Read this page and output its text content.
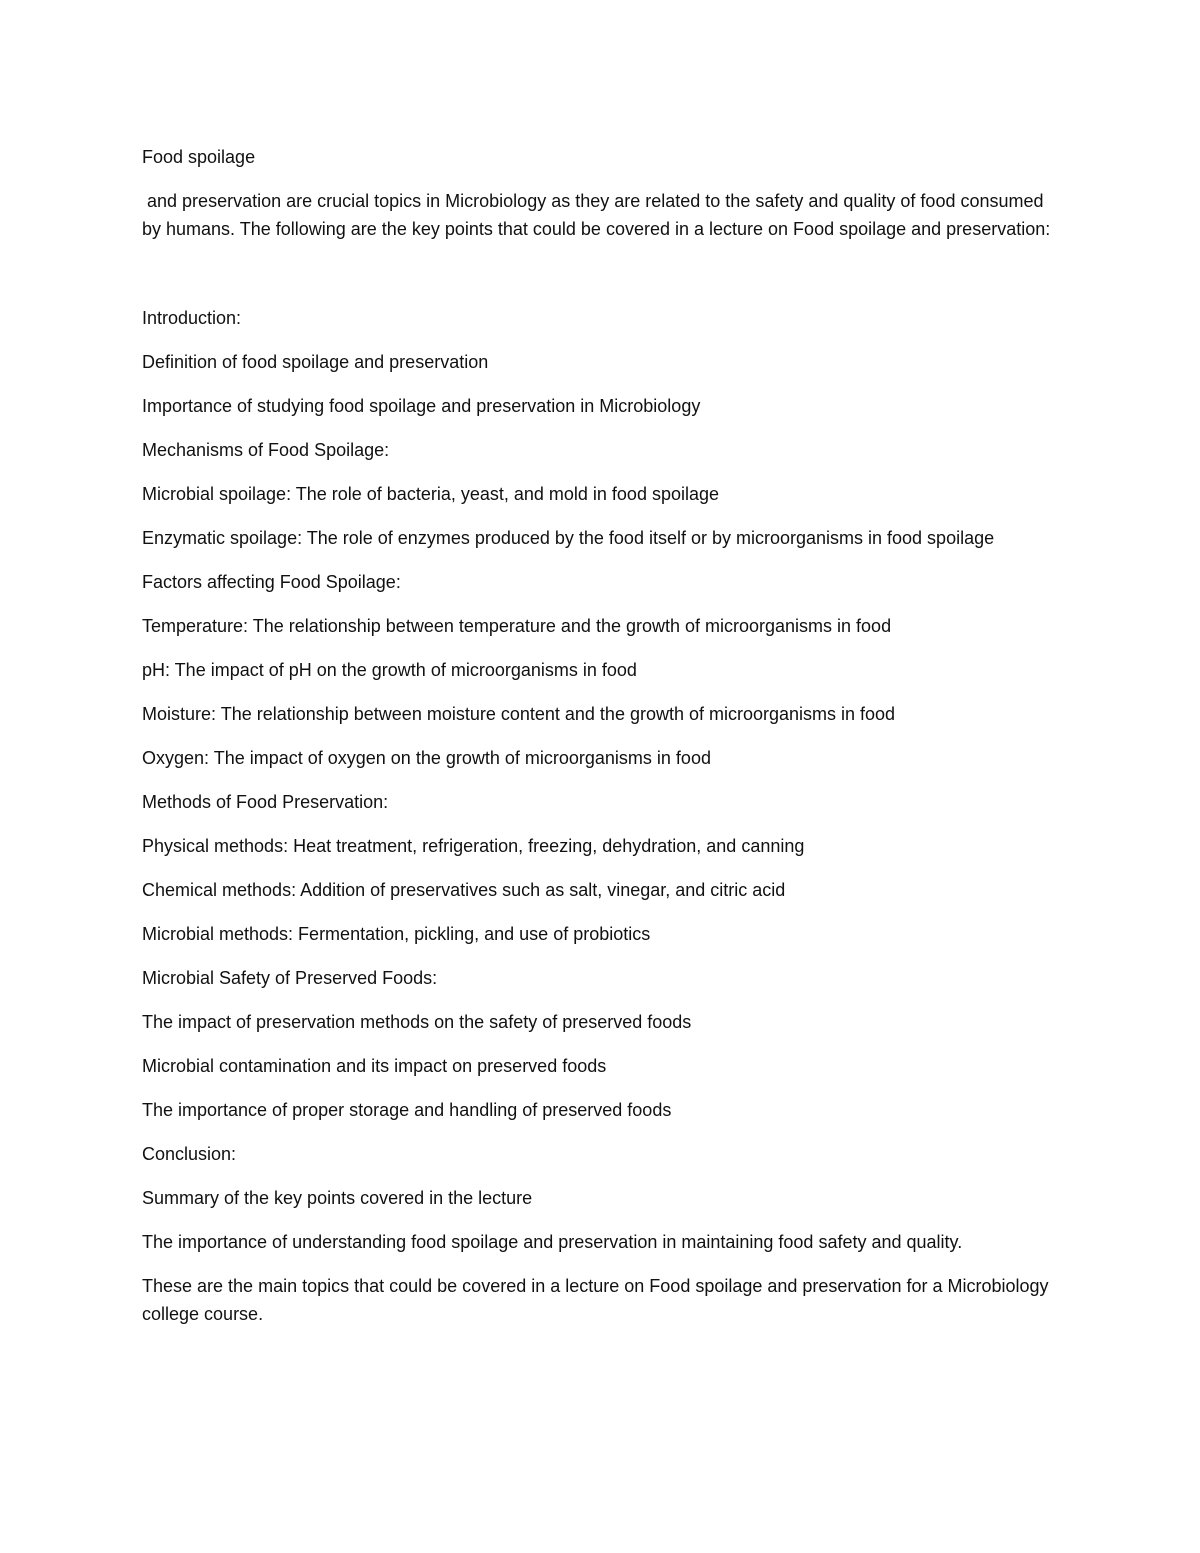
Food spoilage

and preservation are crucial topics in Microbiology as they are related to the safety and quality of food consumed by humans. The following are the key points that could be covered in a lecture on Food spoilage and preservation:

Introduction:

Definition of food spoilage and preservation

Importance of studying food spoilage and preservation in Microbiology

Mechanisms of Food Spoilage:

Microbial spoilage: The role of bacteria, yeast, and mold in food spoilage

Enzymatic spoilage: The role of enzymes produced by the food itself or by microorganisms in food spoilage

Factors affecting Food Spoilage:

Temperature: The relationship between temperature and the growth of microorganisms in food

pH: The impact of pH on the growth of microorganisms in food

Moisture: The relationship between moisture content and the growth of microorganisms in food

Oxygen: The impact of oxygen on the growth of microorganisms in food

Methods of Food Preservation:

Physical methods: Heat treatment, refrigeration, freezing, dehydration, and canning

Chemical methods: Addition of preservatives such as salt, vinegar, and citric acid

Microbial methods: Fermentation, pickling, and use of probiotics

Microbial Safety of Preserved Foods:

The impact of preservation methods on the safety of preserved foods

Microbial contamination and its impact on preserved foods

The importance of proper storage and handling of preserved foods

Conclusion:

Summary of the key points covered in the lecture

The importance of understanding food spoilage and preservation in maintaining food safety and quality.

These are the main topics that could be covered in a lecture on Food spoilage and preservation for a Microbiology college course.
